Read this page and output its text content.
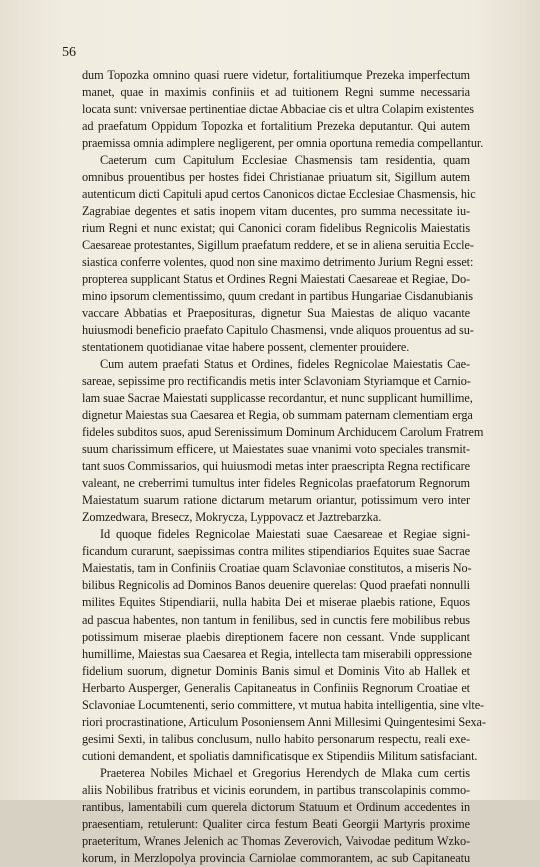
56
dum Topozka omnino quasi ruere videtur, fortalitiumque Prezeka imperfectum
manet, quae in maximis confiniis et ad tuitionem Regni summe necessaria
locata sunt: vniversae pertinentiae dictae Abbaciae cis et ultra Colapim existentes
ad praefatum Oppidum Topozka et fortalitium Prezeka deputantur. Qui autem
praemissa omnia adimplere negligerent, per omnia oportuna remedia compellantur.
Caeterum cum Capitulum Ecclesiae Chasmensis tam residentia, quam
omnibus prouentibus per hostes fidei Christianae priuatum sit, Sigillum autem
autenticum dicti Capituli apud certos Canonicos dictae Ecclesiae Chasmensis, hic
Zagrabiae degentes et satis inopem vitam ducentes, pro summa necessitate iu-
rium Regni et nunc existat; qui Canonici coram fidelibus Regnicolis Maiestatis
Caesareae protestantes, Sigillum praefatum reddere, et se in aliena seruitia Eccle-
siastica conferre volentes, quod non sine maximo detrimento Jurium Regni esset:
propterea supplicant Status et Ordines Regni Maiestati Caesareae et Regiae, Do-
mino ipsorum clementissimo, quum credant in partibus Hungariae Cisdanubianis
vaccare Abbatias et Praeposituras, dignetur Sua Maiestas de aliquo vacante
huiusmodi beneficio praefato Capitulo Chasmensi, vnde aliquos prouentus ad su-
stentationem quotidianae vitae habere possent, clementer prouidere.
Cum autem praefati Status et Ordines, fideles Regnicolae Maiestatis Cae-
sareae, sepissime pro rectificandis metis inter Sclavoniam Styriamque et Carnio-
lam suae Sacrae Maiestati supplicasse recordantur, et nunc supplicant humillime,
dignetur Maiestas sua Caesarea et Regia, ob summam paternam clementiam erga
fideles subditos suos, apud Serenissimum Dominum Archiducem Carolum Fratrem
suum charissimum efficere, ut Maiestates suae vnanimi voto speciales transmit-
tant suos Commissarios, qui huiusmodi metas inter praescripta Regna rectificare
valeant, ne creberrimi tumultus inter fideles Regnicolas praefatorum Regnorum
Maiestatum suarum ratione dictarum metarum oriantur, potissimum vero inter
Zomzedwara, Bresecz, Mokrycza, Lyppovacz et Jaztrebarzka.
Id quoque fideles Regnicolae Maiestati suae Caesareae et Regiae signi-
ficandum curarunt, saepissimas contra milites stipendiarios Equites suae Sacrae
Maiestatis, tam in Confiniis Croatiae quam Sclavoniae constitutos, a miseris No-
bilibus Regnicolis ad Dominos Banos deuenire querelas: Quod praefati nonnulli
milites Equites Stipendiarii, nulla habita Dei et miserae plaebis ratione, Equos
ad pascua habentes, non tantum in fenilibus, sed in cunctis fere mobilibus rebus
potissimum miserae plaebis direptionem facere non cessant. Vnde supplicant
humillime, Maiestas sua Caesarea et Regia, intellecta tam miserabili oppressione
fidelium suorum, dignetur Dominis Banis simul et Dominis Vito ab Hallek et
Herbarto Ausperger, Generalis Capitaneatus in Confiniis Regnorum Croatiae et
Sclavoniae Locumtenenti, serio committere, vt mutua habita intelligentia, sine vlte-
riori procrastinatione, Articulum Posoniensem Anni Millesimi Quingentesimi Sexa-
gesimi Sexti, in talibus conclusum, nullo habito personarum respectu, reali exe-
cutioni demandent, et spoliatis damnificatisque ex Stipendiis Militum satisfaciant.
Praeterea Nobiles Michael et Gregorius Herendych de Mlaka cum certis
aliis Nobilibus fratribus et vicinis eorundem, in partibus transcolapinis commo-
rantibus, lamentabili cum querela dictorum Statuum et Ordinum accedentes in
praesentiam, retulerunt: Qualiter circa festum Beati Georgii Martyris proxime
praeteritum, Wranes Jelenich ac Thomas Zeverovich, Vaivodae peditum Wzko-
korum, in Merzlopolya provincia Carniolae commorantem, ac sub Capitaneatu
